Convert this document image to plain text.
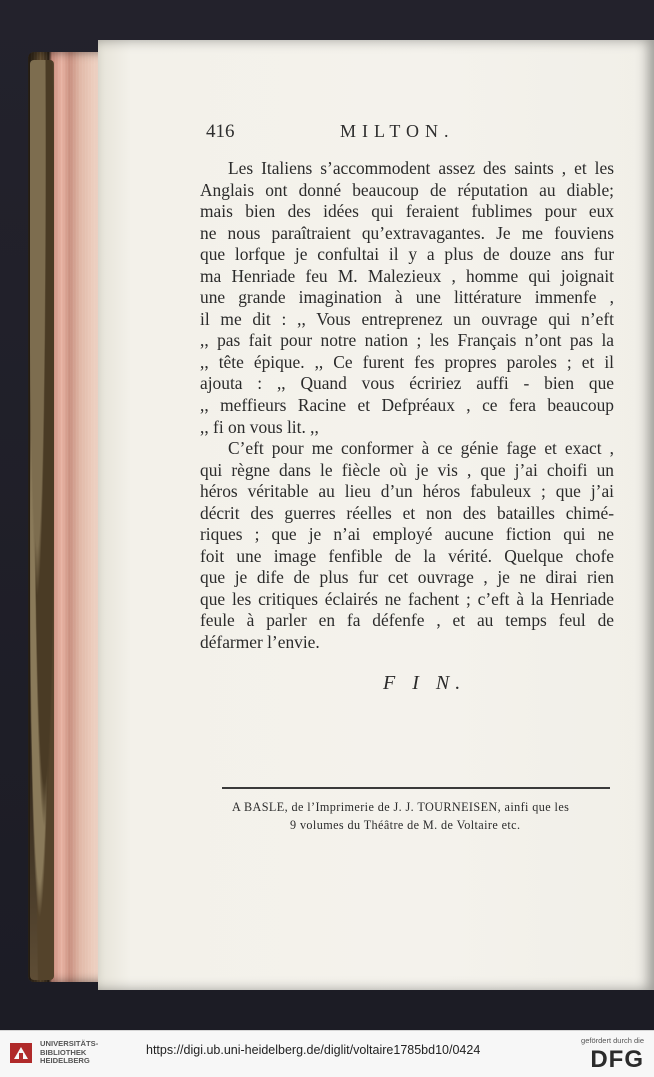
416	MILTON.
Les Italiens s’accommodent assez des saints , et les
Anglais ont donné beaucoup de réputation au diable;
mais bien des idées qui feraient fublimes pour eux
ne nous paraîtraient qu’extravagantes. Je me fouviens
que lorfque je confultai il y a plus de douze ans fur
ma Henriade feu M. Malezieux , homme qui joignait
une grande imagination à une littérature immenfe ,
il me dit : ,, Vous entreprenez un ouvrage qui n’eft
,, pas fait pour notre nation ; les Français n’ont pas la
,, tête épique. ,, Ce furent fes propres paroles ; et il
ajouta : ,, Quand vous écririez auffi - bien que
,, meffieurs Racine et Defpréaux , ce fera beaucoup
,, fi on vous lit. ,,
C’eft pour me conformer à ce génie fage et exact ,
qui règne dans le fiècle où je vis , que j’ai choifi un
héros véritable au lieu d’un héros fabuleux ; que j’ai
décrit des guerres réelles et non des batailles chimé-
riques ; que je n’ai employé aucune fiction qui ne
foit une image fenfible de la vérité. Quelque chofe
que je dife de plus fur cet ouvrage , je ne dirai rien
que les critiques éclairés ne fachent ; c’eft à la Henriade
feule à parler en fa défenfe , et au temps feul de
défarmer l’envie.
F I N.
A BASLE, de l’Imprimerie de J. J. TOURNEISEN, ainfi que les
9 volumes du Théâtre de M. de Voltaire etc.
UNIVERSITÄTS-
BIBLIOTHEK
HEIDELBERG
https://digi.ub.uni-heidelberg.de/diglit/voltaire1785bd10/0424
gefördert durch die
DFG
